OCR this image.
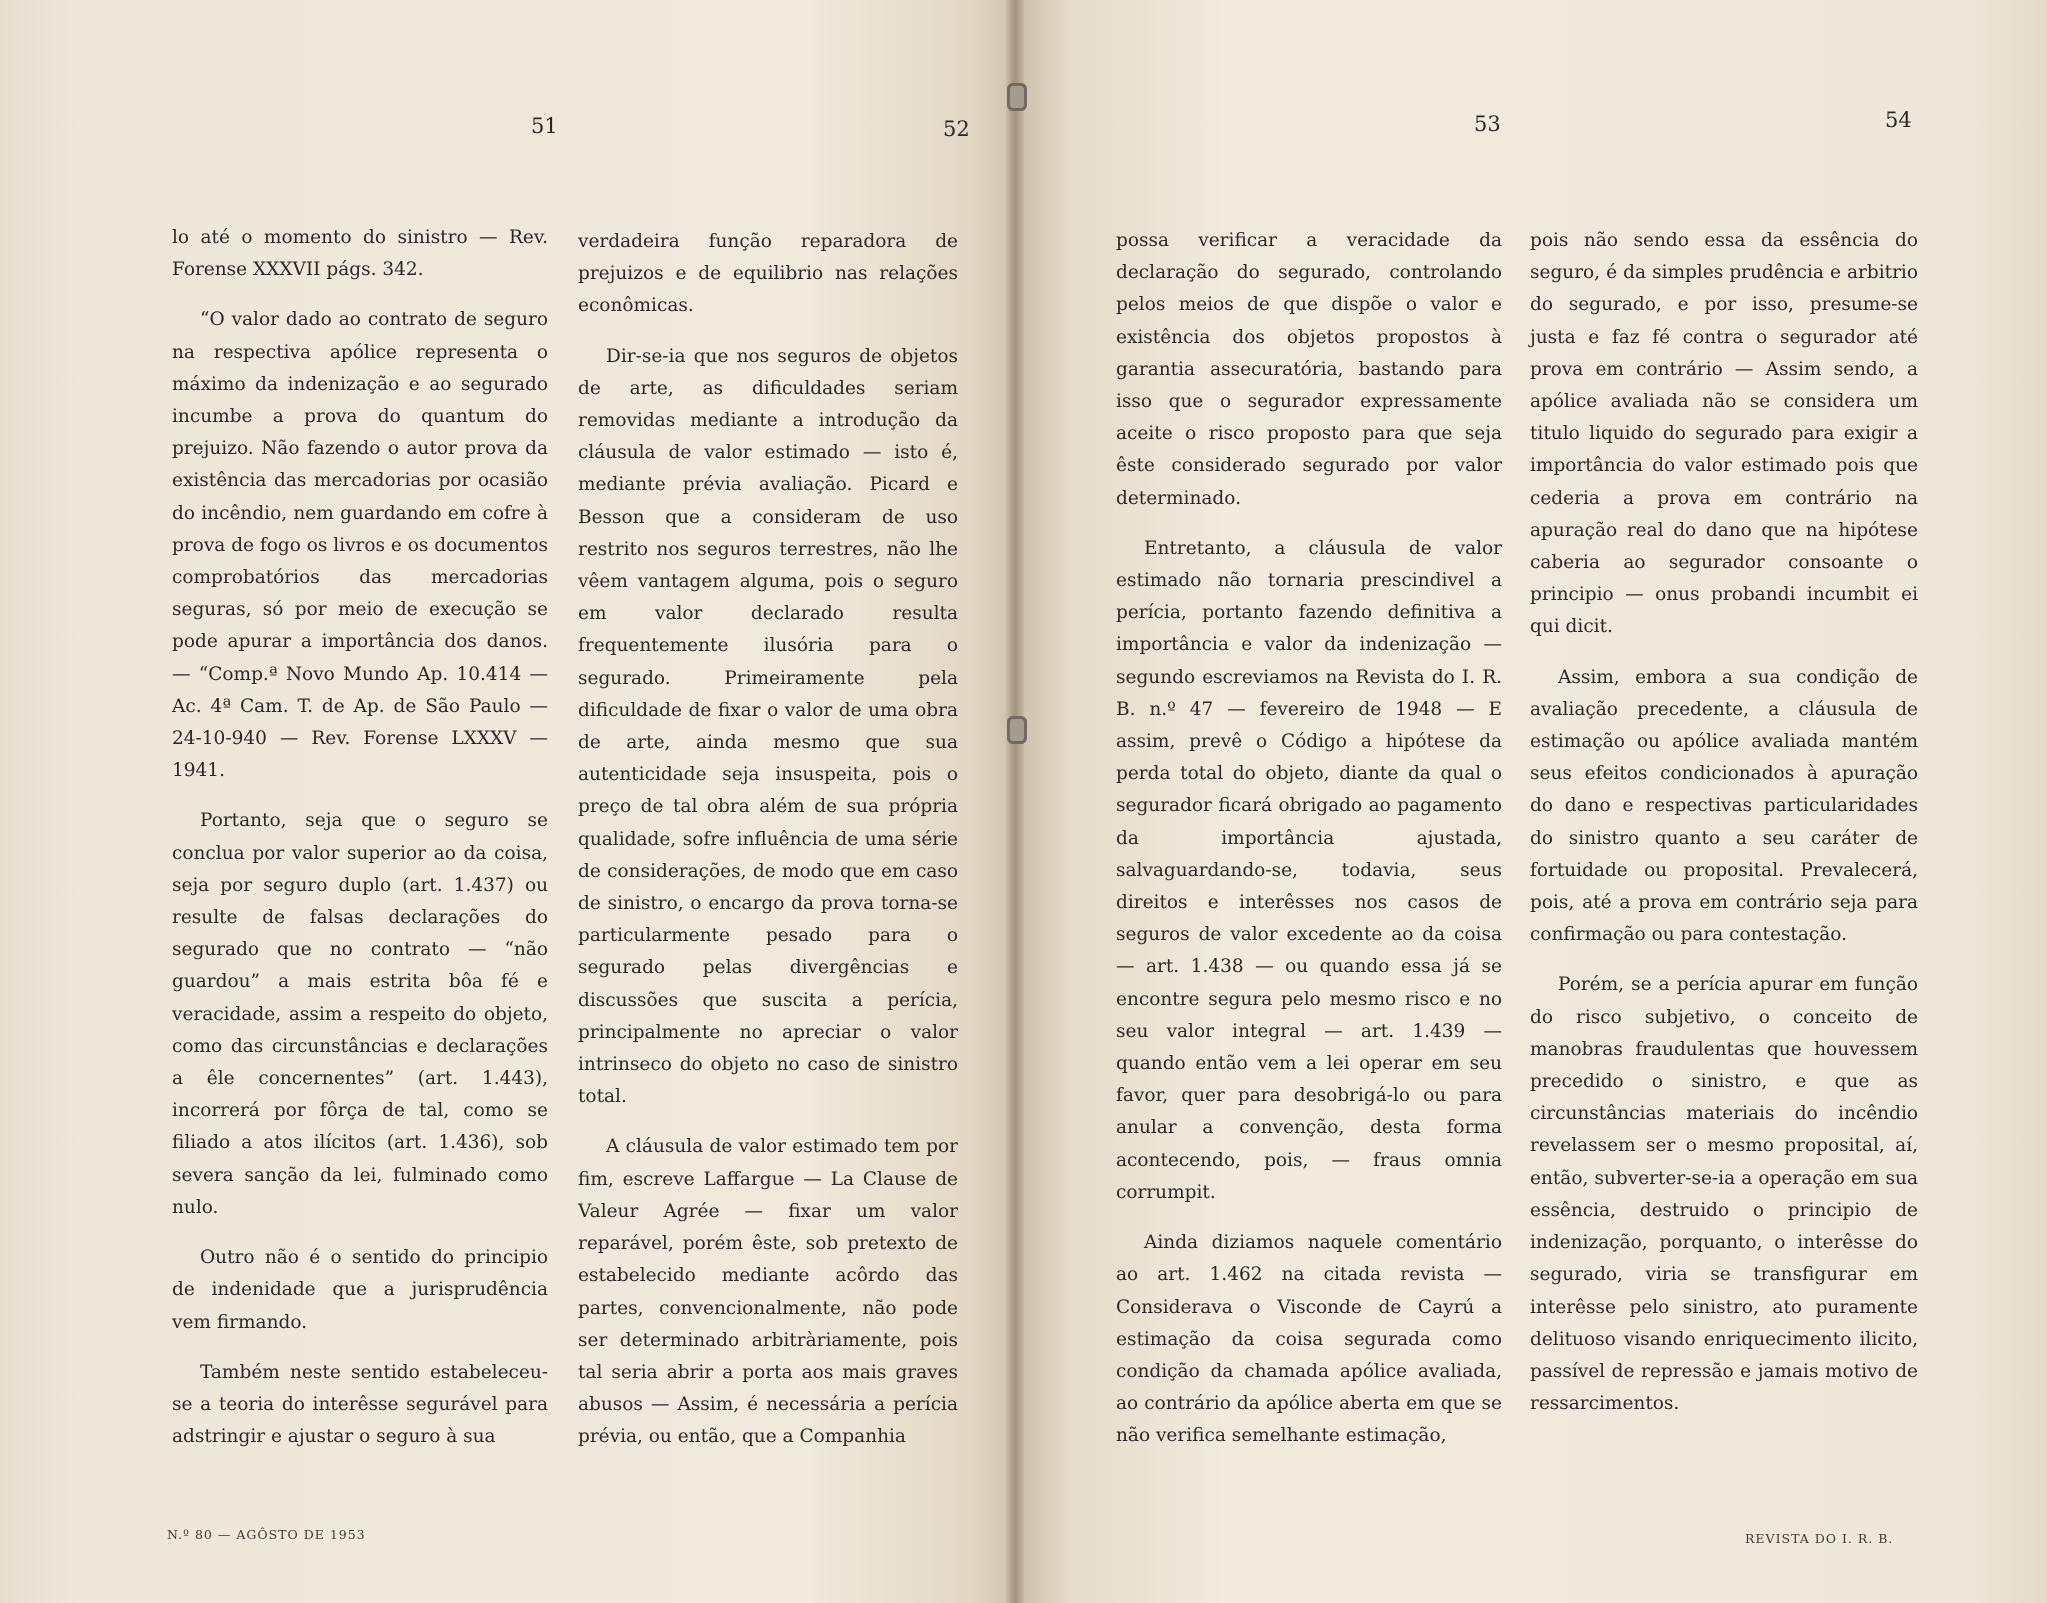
51	52	53	54

lo até o momento do sinistro — Rev. Forense XXXVII págs. 342.

“O valor dado ao contrato de seguro na respectiva apólice representa o máximo da indenização e ao segurado incumbe a prova do quantum do prejuizo. Não fazendo o autor prova da existência das mercadorias por ocasião do incêndio, nem guardando em cofre à prova de fogo os livros e os documentos comprobatórios das mercadorias seguras, só por meio de execução se pode apurar a importância dos danos. — “Comp.ª Novo Mundo Ap. 10.414 — Ac. 4ª Cam. T. de Ap. de São Paulo — 24-10-940 — Rev. Forense LXXXV — 1941.

Portanto, seja que o seguro se conclua por valor superior ao da coisa, seja por seguro duplo (art. 1.437) ou resulte de falsas declarações do segurado que no contrato — “não guardou” a mais estrita bôa fé e veracidade, assim a respeito do objeto, como das circunstâncias e declarações a êle concernentes” (art. 1.443), incorrerá por fôrça de tal, como se filiado a atos ilícitos (art. 1.436), sob severa sanção da lei, fulminado como nulo.

Outro não é o sentido do principio de indenidade que a jurisprudência vem firmando.

Também neste sentido estabeleceu-se a teoria do interêsse segurável para adstringir e ajustar o seguro à sua

verdadeira função reparadora de prejuizos e de equilibrio nas relações econômicas.

Dir-se-ia que nos seguros de objetos de arte, as dificuldades seriam removidas mediante a introdução da cláusula de valor estimado — isto é, mediante prévia avaliação. Picard e Besson que a consideram de uso restrito nos seguros terrestres, não lhe vêem vantagem alguma, pois o seguro em valor declarado resulta frequentemente ilusória para o segurado. Primeiramente pela dificuldade de fixar o valor de uma obra de arte, ainda mesmo que sua autenticidade seja insuspeita, pois o preço de tal obra além de sua própria qualidade, sofre influência de uma série de considerações, de modo que em caso de sinistro, o encargo da prova torna-se particularmente pesado para o segurado pelas divergências e discussões que suscita a perícia, principalmente no apreciar o valor intrinseco do objeto no caso de sinistro total.

A cláusula de valor estimado tem por fim, escreve Laffargue — La Clause de Valeur Agrée — fixar um valor reparável, porém êste, sob pretexto de estabelecido mediante acôrdo das partes, convencionalmente, não pode ser determinado arbitràriamente, pois tal seria abrir a porta aos mais graves abusos — Assim, é necessária a perícia prévia, ou então, que a Companhia

possa verificar a veracidade da declaração do segurado, controlando pelos meios de que dispõe o valor e existência dos objetos propostos à garantia assecuratória, bastando para isso que o segurador expressamente aceite o risco proposto para que seja êste considerado segurado por valor determinado.

Entretanto, a cláusula de valor estimado não tornaria prescindivel a perícia, portanto fazendo definitiva a importância e valor da indenização — segundo escreviamos na Revista do I. R. B. n.º 47 — fevereiro de 1948 — E assim, prevê o Código a hipótese da perda total do objeto, diante da qual o segurador ficará obrigado ao pagamento da importância ajustada, salvaguardando-se, todavia, seus direitos e interêsses nos casos de seguros de valor excedente ao da coisa — art. 1.438 — ou quando essa já se encontre segura pelo mesmo risco e no seu valor integral — art. 1.439 — quando então vem a lei operar em seu favor, quer para desobrigá-lo ou para anular a convenção, desta forma acontecendo, pois, — fraus omnia corrumpit.

Ainda diziamos naquele comentário ao art. 1.462 na citada revista — Considerava o Visconde de Cayrú a estimação da coisa segurada como condição da chamada apólice avaliada, ao contrário da apólice aberta em que se não verifica semelhante estimação,

pois não sendo essa da essência do seguro, é da simples prudência e arbitrio do segurado, e por isso, presume-se justa e faz fé contra o segurador até prova em contrário — Assim sendo, a apólice avaliada não se considera um titulo liquido do segurado para exigir a importância do valor estimado pois que cederia a prova em contrário na apuração real do dano que na hipótese caberia ao segurador consoante o principio — onus probandi incumbit ei qui dicit.

Assim, embora a sua condição de avaliação precedente, a cláusula de estimação ou apólice avaliada mantém seus efeitos condicionados à apuração do dano e respectivas particularidades do sinistro quanto a seu caráter de fortuidade ou proposital. Prevalecerá, pois, até a prova em contrário seja para confirmação ou para contestação.

Porém, se a perícia apurar em função do risco subjetivo, o conceito de manobras fraudulentas que houvessem precedido o sinistro, e que as circunstâncias materiais do incêndio revelassem ser o mesmo proposital, aí, então, subverter-se-ia a operação em sua essência, destruido o principio de indenização, porquanto, o interêsse do segurado, viria se transfigurar em interêsse pelo sinistro, ato puramente delituoso visando enriquecimento ilicito, passível de repressão e jamais motivo de ressarcimentos.

N.º 80 — AGÔSTO DE 1953	REVISTA DO I. R. B.
